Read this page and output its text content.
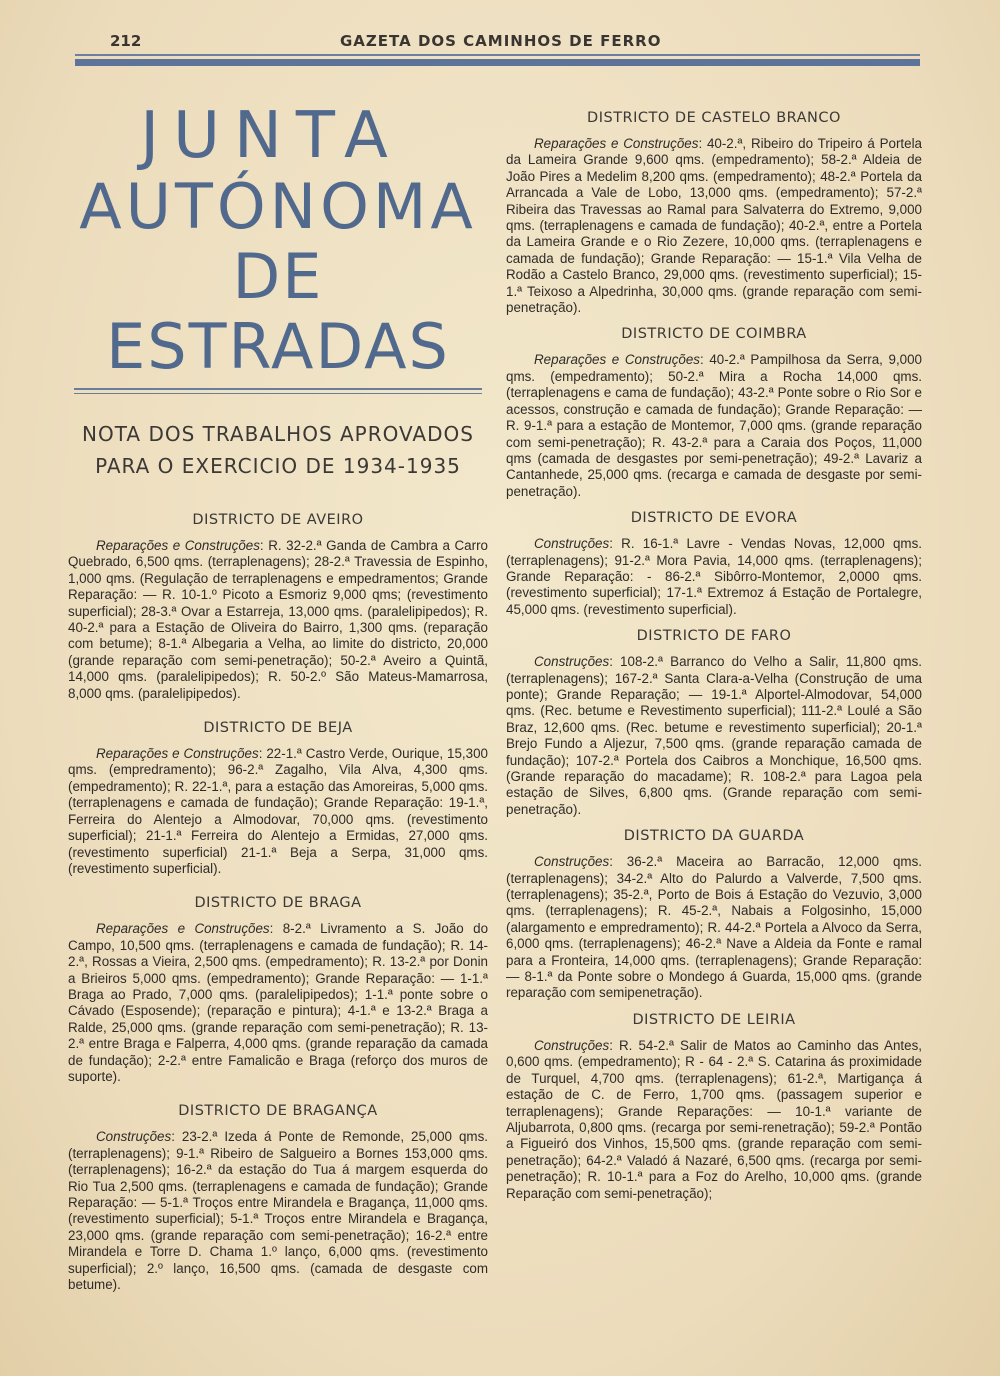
212	GAZETA DOS CAMINHOS DE FERRO
JUNTA
AUTÓNOMA
DE ESTRADAS
NOTA DOS TRABALHOS APROVADOS
PARA O EXERCICIO DE 1934-1935
DISTRICTO DE AVEIRO

Reparações e Construções: R. 32-2.ª Ganda de Cambra a Carro Quebrado, 6,500 qms. (terraplenagens); 28-2.ª Travessia de Espinho, 1,000 qms. (Regulação de terraplenagens e empedramentos; Grande Reparação: — R. 10-1.º Picoto a Esmoriz 9,000 qms; (revestimento superficial); 28-3.ª Ovar a Estarreja, 13,000 qms. (paralelipipedos); R. 40-2.ª para a Estação de Oliveira do Bairro, 1,300 qms. (reparação com betume); 8-1.ª Albegaria a Velha, ao limite do districto, 20,000 (grande reparação com semi-penetração); 50-2.ª Aveiro a Quintã, 14,000 qms. (paralelipipedos); R. 50-2.º São Mateus-Mamarrosa, 8,000 qms. (paralelipipedos).

DISTRICTO DE BEJA

Reparações e Construções: 22-1.ª Castro Verde, Ourique, 15,300 qms. (empredramento); 96-2.ª Zagalho, Vila Alva, 4,300 qms. (empedramento); R. 22-1.ª, para a estação das Amoreiras, 5,000 qms. (terraplenagens e camada de fundação); Grande Reparação: 19-1.ª, Ferreira do Alentejo a Almodovar, 70,000 qms. (revestimento superficial); 21-1.ª Ferreira do Alentejo a Ermidas, 27,000 qms. (revestimento superficial) 21-1.ª Beja a Serpa, 31,000 qms. (revestimento superficial).

DISTRICTO DE BRAGA

Reparações e Construções: 8-2.ª Livramento a S. João do Campo, 10,500 qms. (terraplenagens e camada de fundação); R. 14-2.ª, Rossas a Vieira, 2,500 qms. (empedramento); R. 13-2.ª por Donin a Brieiros 5,000 qms. (empedramento); Grande Reparação: — 1-1.ª Braga ao Prado, 7,000 qms. (paralelipipedos); 1-1.ª ponte sobre o Cávado (Esposende); (reparação e pintura); 4-1.ª e 13-2.ª Braga a Ralde, 25,000 qms. (grande reparação com semi-penetração); R. 13-2.ª entre Braga e Falperra, 4,000 qms. (grande reparação da camada de fundação); 2-2.ª entre Famalicão e Braga (reforço dos muros de suporte).

DISTRICTO DE BRAGANÇA

Construções: 23-2.ª Izeda á Ponte de Remonde, 25,000 qms. (terraplenagens); 9-1.ª Ribeiro de Salgueiro a Bornes 153,000 qms. (terraplenagens); 16-2.ª da estação do Tua á margem esquerda do Rio Tua 2,500 qms. (terraplenagens e camada de fundação); Grande Reparação: — 5-1.ª Troços entre Mirandela e Bragança, 11,000 qms. (revestimento superficial); 5-1.ª Troços entre Mirandela e Bragança, 23,000 qms. (grande reparação com semi-penetração); 16-2.ª entre Mirandela e Torre D. Chama 1.º lanço, 6,000 qms. (revestimento superficial); 2.º lanço, 16,500 qms. (camada de desgaste com betume).

DISTRICTO DE CASTELO BRANCO

Reparações e Construções: 40-2.ª, Ribeiro do Tripeiro á Portela da Lameira Grande 9,600 qms. (empedramento); 58-2.ª Aldeia de João Pires a Medelim 8,200 qms. (empedramento); 48-2.ª Portela da Arrancada a Vale de Lobo, 13,000 qms. (empedramento); 57-2.ª Ribeira das Travessas ao Ramal para Salvaterra do Extremo, 9,000 qms. (terraplenagens e camada de fundação); 40-2.ª, entre a Portela da Lameira Grande e o Rio Zezere, 10,000 qms. (terraplenagens e camada de fundação); Grande Reparação: — 15-1.ª Vila Velha de Rodão a Castelo Branco, 29,000 qms. (revestimento superficial); 15-1.ª Teixoso a Alpedrinha, 30,000 qms. (grande reparação com semi-penetração).

DISTRICTO DE COIMBRA

Reparações e Construções: 40-2.ª Pampilhosa da Serra, 9,000 qms. (empedramento); 50-2.ª Mira a Rocha 14,000 qms. (terraplenagens e cama de fundação); 43-2.ª Ponte sobre o Rio Sor e acessos, construção e camada de fundação); Grande Reparação: — R. 9-1.ª para a estação de Montemor, 7,000 qms. (grande reparação com semi-penetração); R. 43-2.ª para a Caraia dos Poços, 11,000 qms (camada de desgastes por semi-penetração); 49-2.ª Lavariz a Cantanhede, 25,000 qms. (recarga e camada de desgaste por semi-penetração).

DISTRICTO DE EVORA

Construções: R. 16-1.ª Lavre - Vendas Novas, 12,000 qms. (terraplenagens); 91-2.ª Mora Pavia, 14,000 qms. (terraplenagens); Grande Reparação: - 86-2.ª Sibôrro-Montemor, 2,0000 qms. (revestimento superficial); 17-1.ª Extremoz á Estação de Portalegre, 45,000 qms. (revestimento superficial).

DISTRICTO DE FARO

Construções: 108-2.ª Barranco do Velho a Salir, 11,800 qms. (terraplenagens); 167-2.ª Santa Clara-a-Velha (Construção de uma ponte); Grande Reparação; — 19-1.ª Alportel-Almodovar, 54,000 qms. (Rec. betume e Revestimento superficial); 111-2.ª Loulé a São Braz, 12,600 qms. (Rec. betume e revestimento superficial); 20-1.ª Brejo Fundo a Aljezur, 7,500 qms. (grande reparação camada de fundação); 107-2.ª Portela dos Caibros a Monchique, 16,500 qms. (Grande reparação do macadame); R. 108-2.ª para Lagoa pela estação de Silves, 6,800 qms. (Grande reparação com semi-penetração).

DISTRICTO DA GUARDA

Construções: 36-2.ª Maceira ao Barracão, 12,000 qms. (terraplenagens); 34-2.ª Alto do Palurdo a Valverde, 7,500 qms. (terraplenagens); 35-2.ª, Porto de Bois á Estação do Vezuvio, 3,000 qms. (terraplenagens); R. 45-2.ª, Nabais a Folgosinho, 15,000 (alargamento e empredramento); R. 44-2.ª Portela a Alvoco da Serra, 6,000 qms. (terraplenagens); 46-2.ª Nave a Aldeia da Fonte e ramal para a Fronteira, 14,000 qms. (terraplenagens); Grande Reparação: — 8-1.ª da Ponte sobre o Mondego á Guarda, 15,000 qms. (grande reparação com semipenetração).

DISTRICTO DE LEIRIA

Construções: R. 54-2.ª Salir de Matos ao Caminho das Antes, 0,600 qms. (empedramento); R - 64 - 2.ª S. Catarina ás proximidade de Turquel, 4,700 qms. (terraplenagens); 61-2.ª, Martigança á estação de C. de Ferro, 1,700 qms. (passagem superior e terraplenagens); Grande Reparações: — 10-1.ª variante de Aljubarrota, 0,800 qms. (recarga por semi-renetração); 59-2.ª Pontão a Figueiró dos Vinhos, 15,500 qms. (grande reparação com semi-penetração); 64-2.ª Valadó á Nazaré, 6,500 qms. (recarga por semi- penetração); R. 10-1.ª para a Foz do Arelho, 10,000 qms. (grande Reparação com semi-penetração);
